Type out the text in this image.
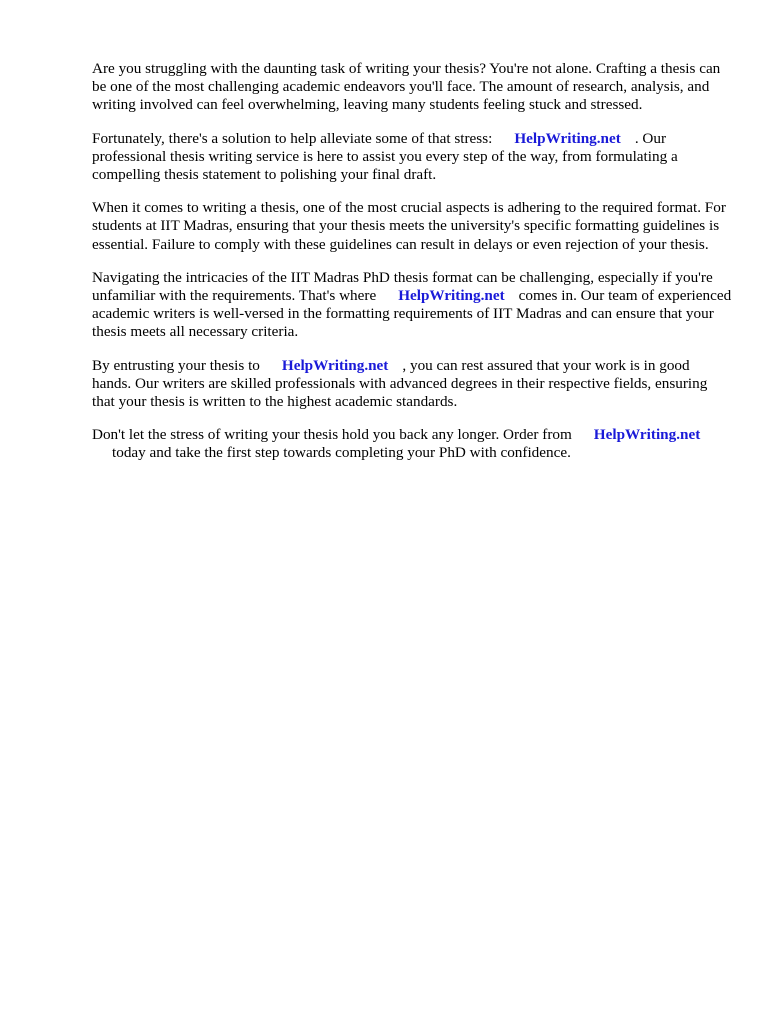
Are you struggling with the daunting task of writing your thesis? You're not alone. Crafting a thesis can be one of the most challenging academic endeavors you'll face. The amount of research, analysis, and writing involved can feel overwhelming, leaving many students feeling stuck and stressed.

Fortunately, there's a solution to help alleviate some of that stress: HelpWriting.net . Our professional thesis writing service is here to assist you every step of the way, from formulating a compelling thesis statement to polishing your final draft.

When it comes to writing a thesis, one of the most crucial aspects is adhering to the required format. For students at IIT Madras, ensuring that your thesis meets the university's specific formatting guidelines is essential. Failure to comply with these guidelines can result in delays or even rejection of your thesis.

Navigating the intricacies of the IIT Madras PhD thesis format can be challenging, especially if you're unfamiliar with the requirements. That's where HelpWriting.net comes in. Our team of experienced academic writers is well-versed in the formatting requirements of IIT Madras and can ensure that your thesis meets all necessary criteria.

By entrusting your thesis to HelpWriting.net , you can rest assured that your work is in good hands. Our writers are skilled professionals with advanced degrees in their respective fields, ensuring that your thesis is written to the highest academic standards.

Don't let the stress of writing your thesis hold you back any longer. Order from HelpWriting.net
today and take the first step towards completing your PhD with confidence.
